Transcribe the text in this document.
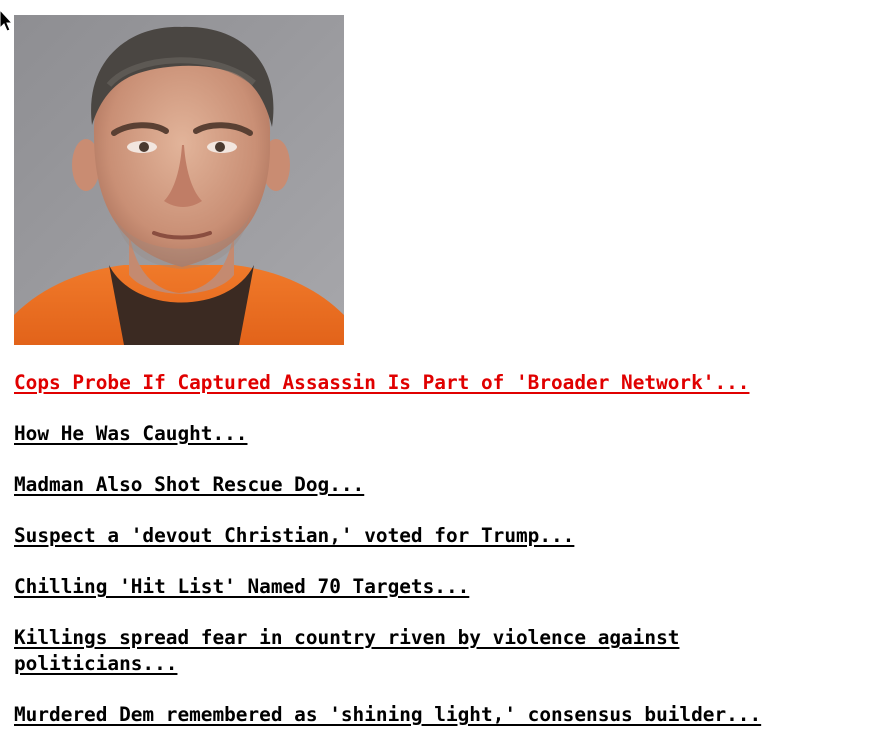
Cops Probe If Captured Assassin Is Part of 'Broader Network'...
How He Was Caught...
Madman Also Shot Rescue Dog...
Suspect a 'devout Christian,' voted for Trump...
Chilling 'Hit List' Named 70 Targets...
Killings spread fear in country riven by violence against politicians...
Murdered Dem remembered as 'shining light,' consensus builder...
